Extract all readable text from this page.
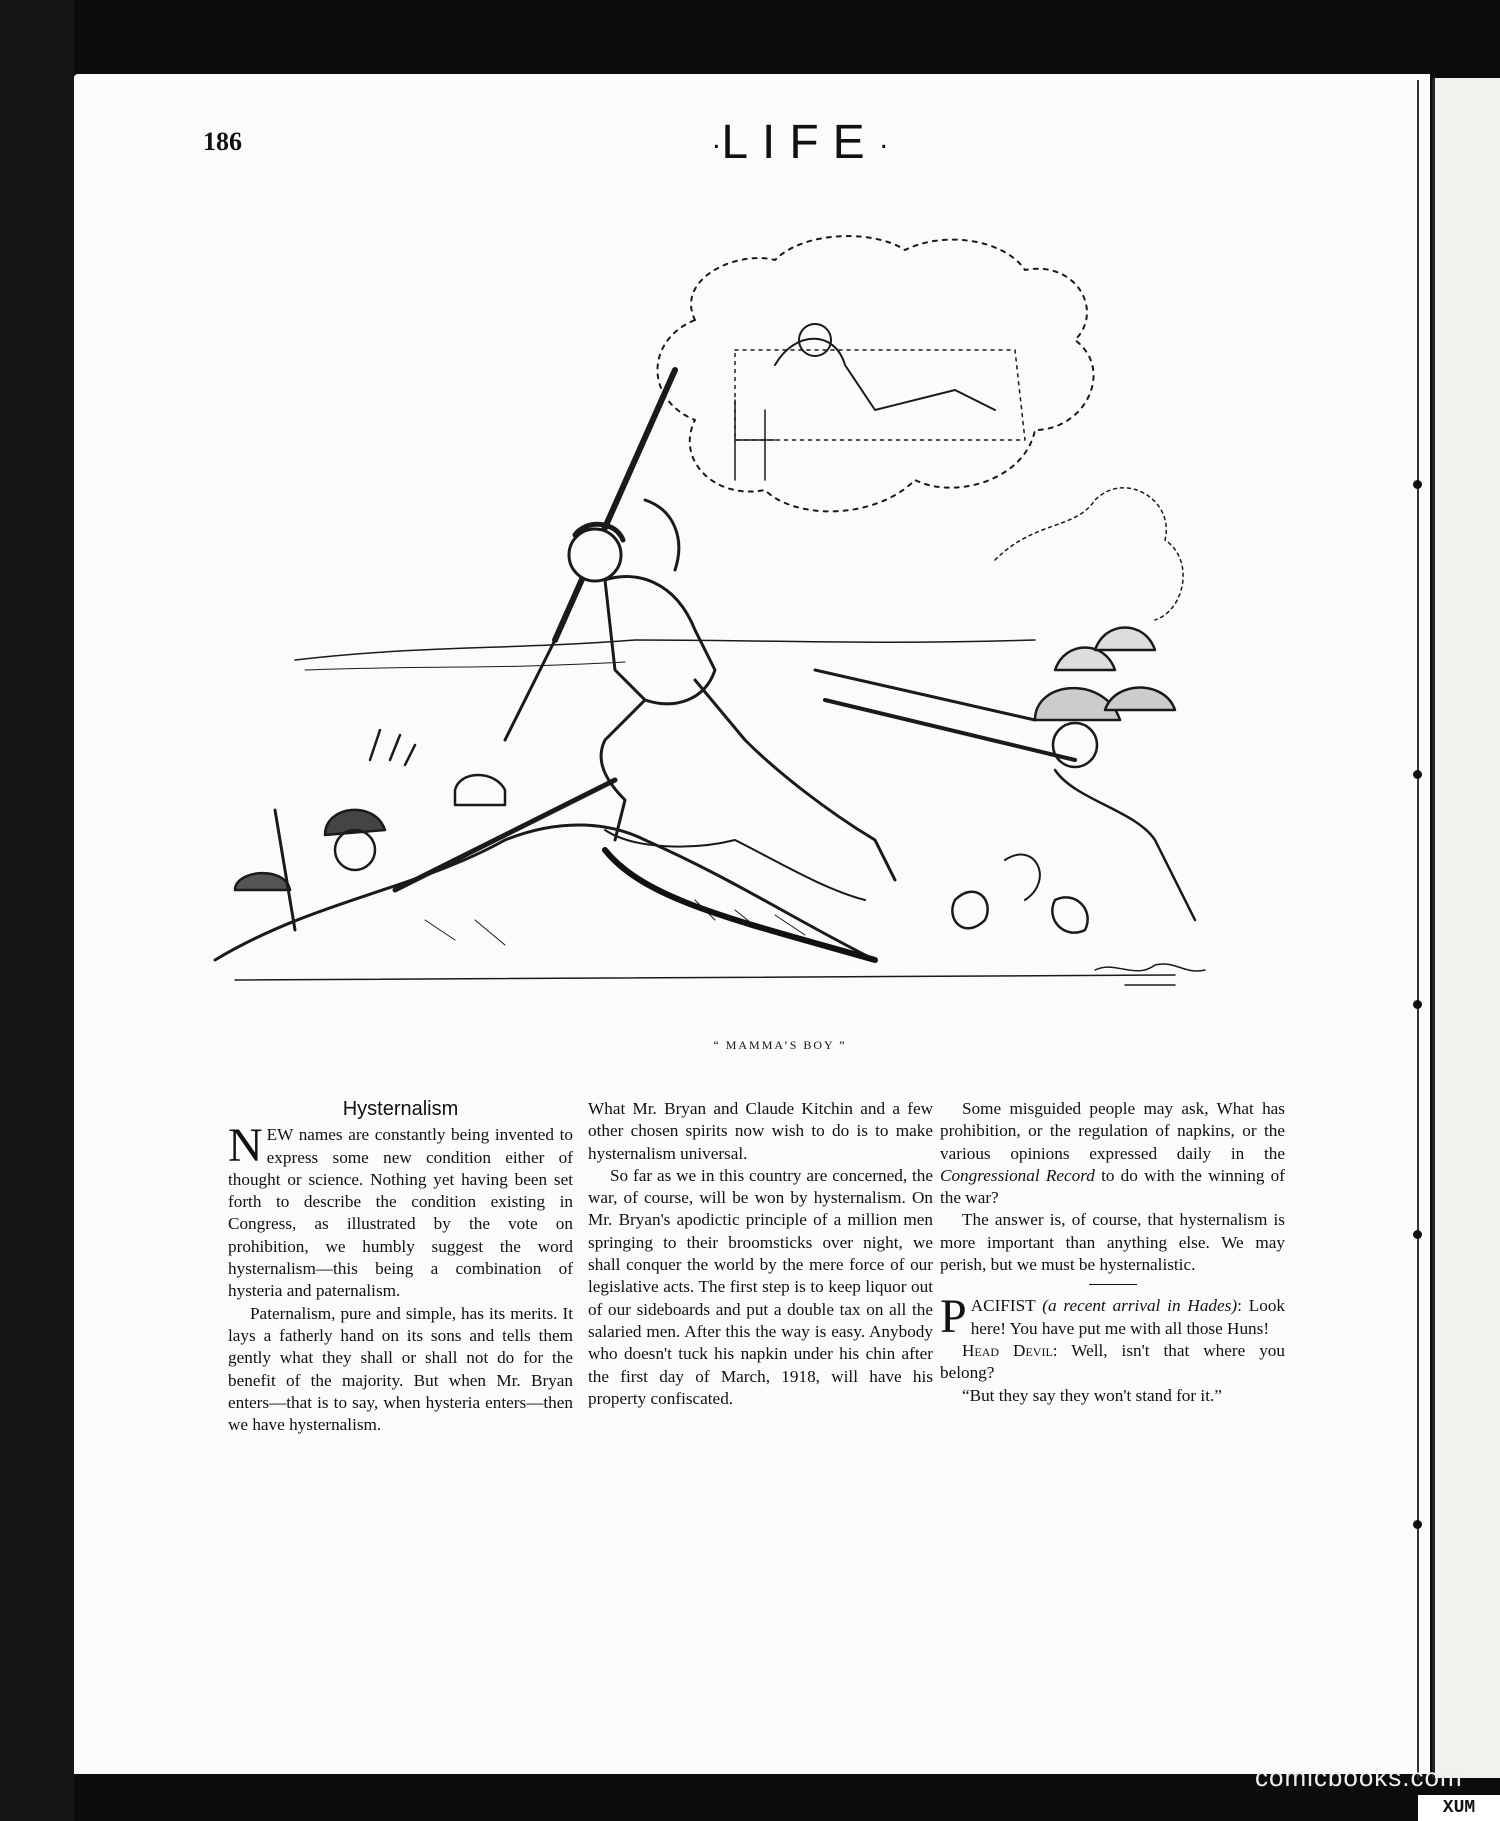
186	·LIFE·
“ MAMMA’S BOY ”
Hysternalism

NEW names are constantly being invented to express some new condition either of thought or science. Nothing yet having been set forth to describe the condition existing in Congress, as illustrated by the vote on prohibition, we humbly suggest the word hysternalism—this being a combination of hysteria and paternalism.

Paternalism, pure and simple, has its merits. It lays a fatherly hand on its sons and tells them gently what they shall or shall not do for the benefit of the majority. But when Mr. Bryan enters—that is to say, when hysteria enters—then we have hysternalism.

What Mr. Bryan and Claude Kitchin and a few other chosen spirits now wish to do is to make hysternalism universal.

So far as we in this country are concerned, the war, of course, will be won by hysternalism. On Mr. Bryan's apodictic principle of a million men springing to their broomsticks over night, we shall conquer the world by the mere force of our legislative acts. The first step is to keep liquor out of our sideboards and put a double tax on all the salaried men. After this the way is easy. Anybody who doesn't tuck his napkin under his chin after the first day of March, 1918, will have his property confiscated.

Some misguided people may ask, What has prohibition, or the regulation of napkins, or the various opinions expressed daily in the Congressional Record to do with the winning of the war?

The answer is, of course, that hysternalism is more important than anything else. We may perish, but we must be hysternalistic.

PACIFIST (a recent arrival in Hades): Look here! You have put me with all those Huns!

Head Devil: Well, isn't that where you belong?

“But they say they won't stand for it.”

comicbooks.com
XUM
